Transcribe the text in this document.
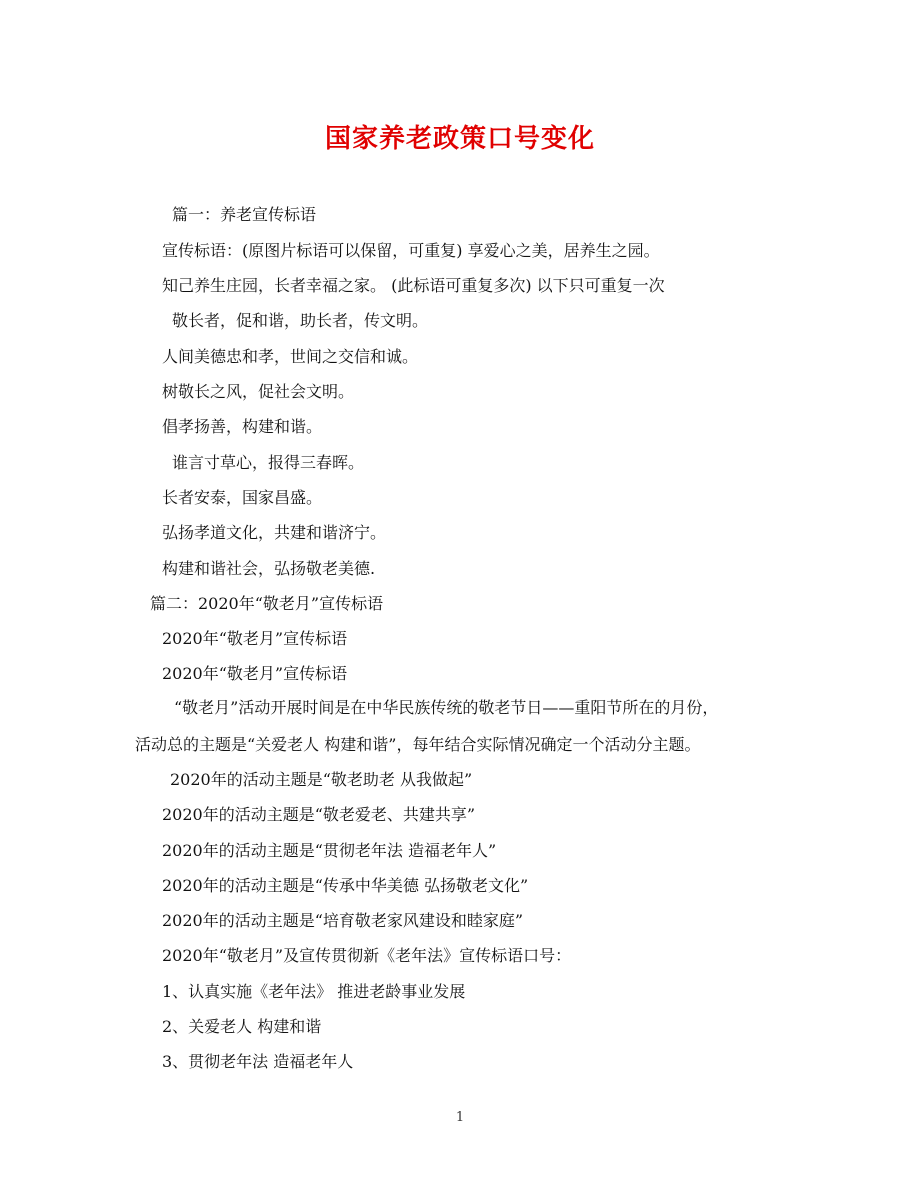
国家养老政策口号变化
篇一：养老宣传标语
宣传标语：(原图片标语可以保留，可重复) 享爱心之美，居养生之园。
知己养生庄园，长者幸福之家。 (此标语可重复多次) 以下只可重复一次
敬长者，促和谐，助长者，传文明。
人间美德忠和孝，世间之交信和诚。
树敬长之风，促社会文明。
倡孝扬善，构建和谐。
谁言寸草心，报得三春晖。
长者安泰，国家昌盛。
弘扬孝道文化，共建和谐济宁。
构建和谐社会，弘扬敬老美德.
篇二：2020年“敬老月”宣传标语
2020年“敬老月”宣传标语
2020年“敬老月”宣传标语
“敬老月”活动开展时间是在中华民族传统的敬老节日——重阳节所在的月份，
活动总的主题是“关爱老人 构建和谐”，每年结合实际情况确定一个活动分主题。
2020年的活动主题是“敬老助老 从我做起”
2020年的活动主题是“敬老爱老、共建共享”
2020年的活动主题是“贯彻老年法 造福老年人”
2020年的活动主题是“传承中华美德 弘扬敬老文化”
2020年的活动主题是“培育敬老家风建设和睦家庭”
2020年“敬老月”及宣传贯彻新《老年法》宣传标语口号：
1、认真实施《老年法》 推进老龄事业发展
2、关爱老人 构建和谐
3、贯彻老年法 造福老年人
1
